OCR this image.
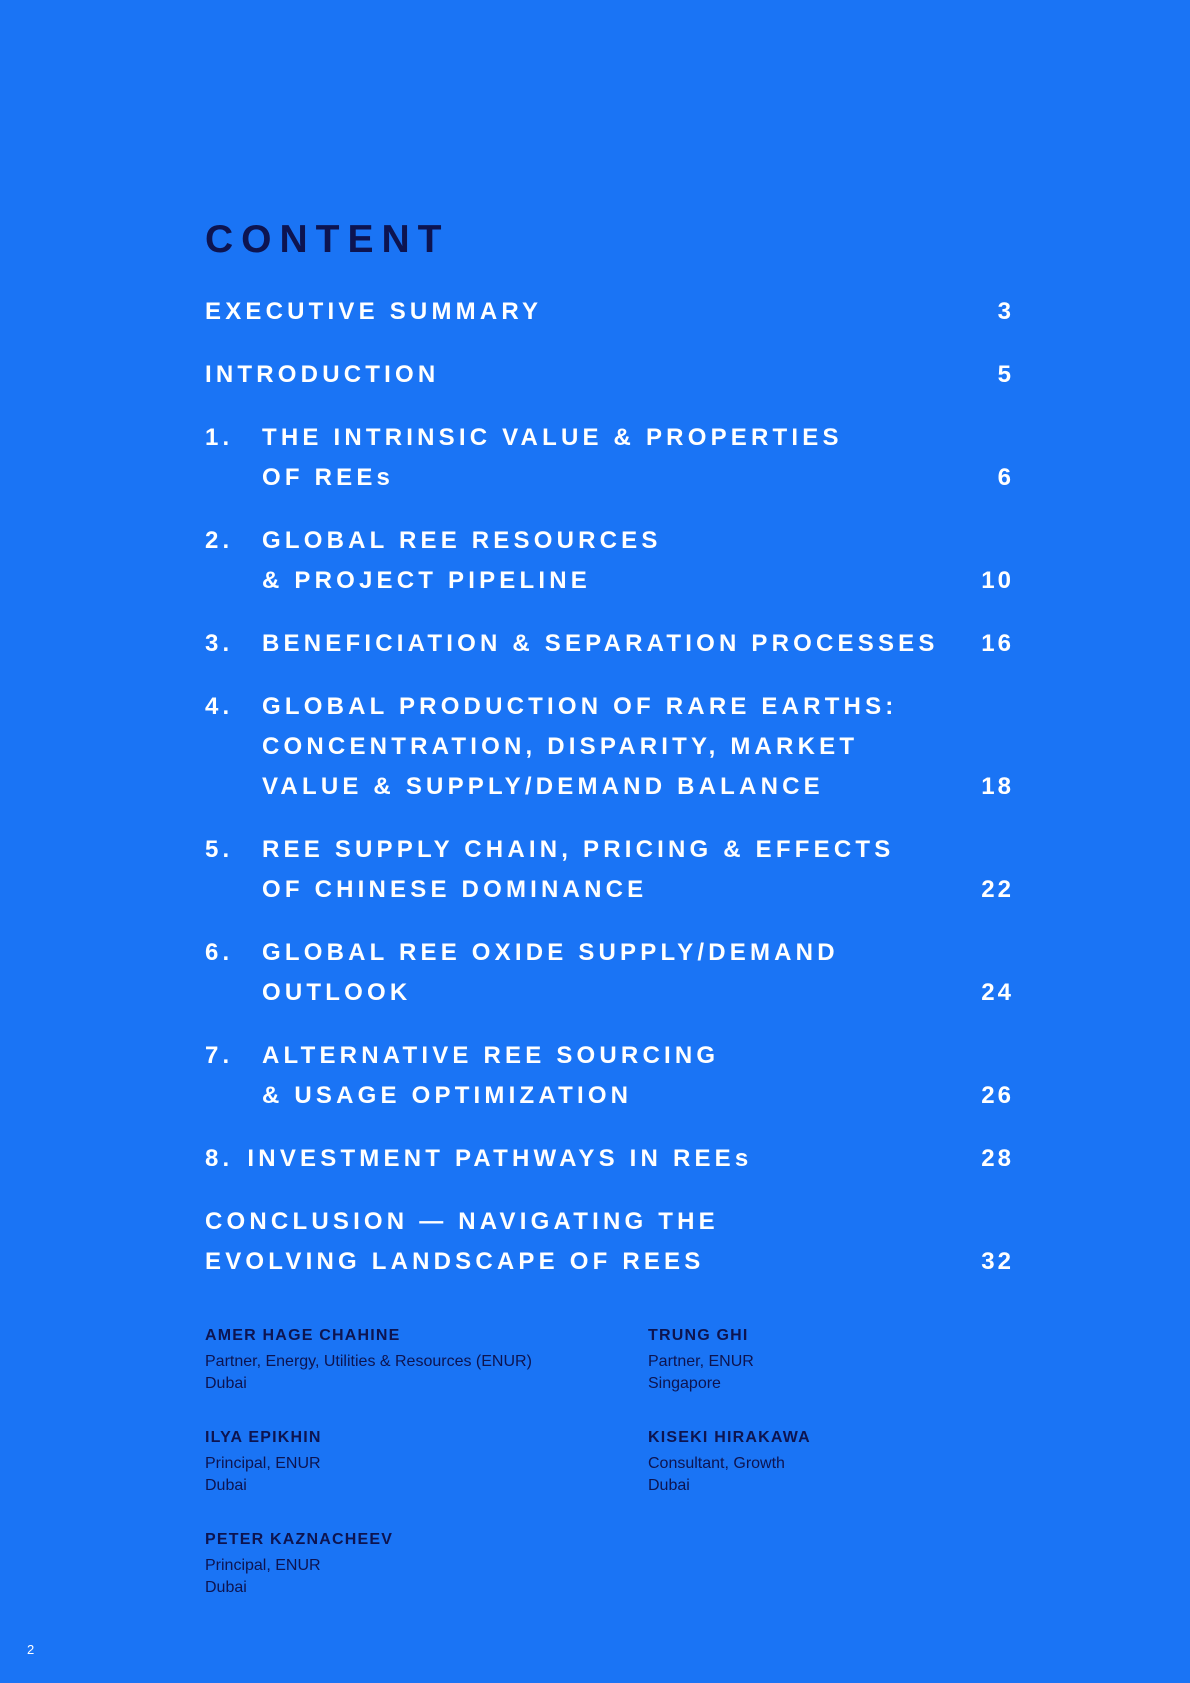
CONTENT
EXECUTIVE SUMMARY	3
INTRODUCTION	5
1.	THE INTRINSIC VALUE & PROPERTIES
OF REEs	6
2.	GLOBAL REE RESOURCES
& PROJECT PIPELINE	10
3.	BENEFICIATION & SEPARATION PROCESSES 16
4.	GLOBAL PRODUCTION OF RARE EARTHS:
CONCENTRATION, DISPARITY, MARKET
VALUE & SUPPLY/DEMAND BALANCE	18
5.	REE SUPPLY CHAIN, PRICING & EFFECTS
OF CHINESE DOMINANCE	22
6.	GLOBAL REE OXIDE SUPPLY/DEMAND
OUTLOOK	24
7.	ALTERNATIVE REE SOURCING
& USAGE OPTIMIZATION	26
8. INVESTMENT PATHWAYS IN REEs	28
CONCLUSION — NAVIGATING THE
EVOLVING LANDSCAPE OF REES	32
AMER HAGE CHAHINE
Partner, Energy, Utilities & Resources (ENUR)
Dubai
TRUNG GHI
Partner, ENUR
Singapore
ILYA EPIKHIN
Principal, ENUR
Dubai
KISEKI HIRAKAWA
Consultant, Growth
Dubai
PETER KAZNACHEEV
Principal, ENUR
Dubai
2
